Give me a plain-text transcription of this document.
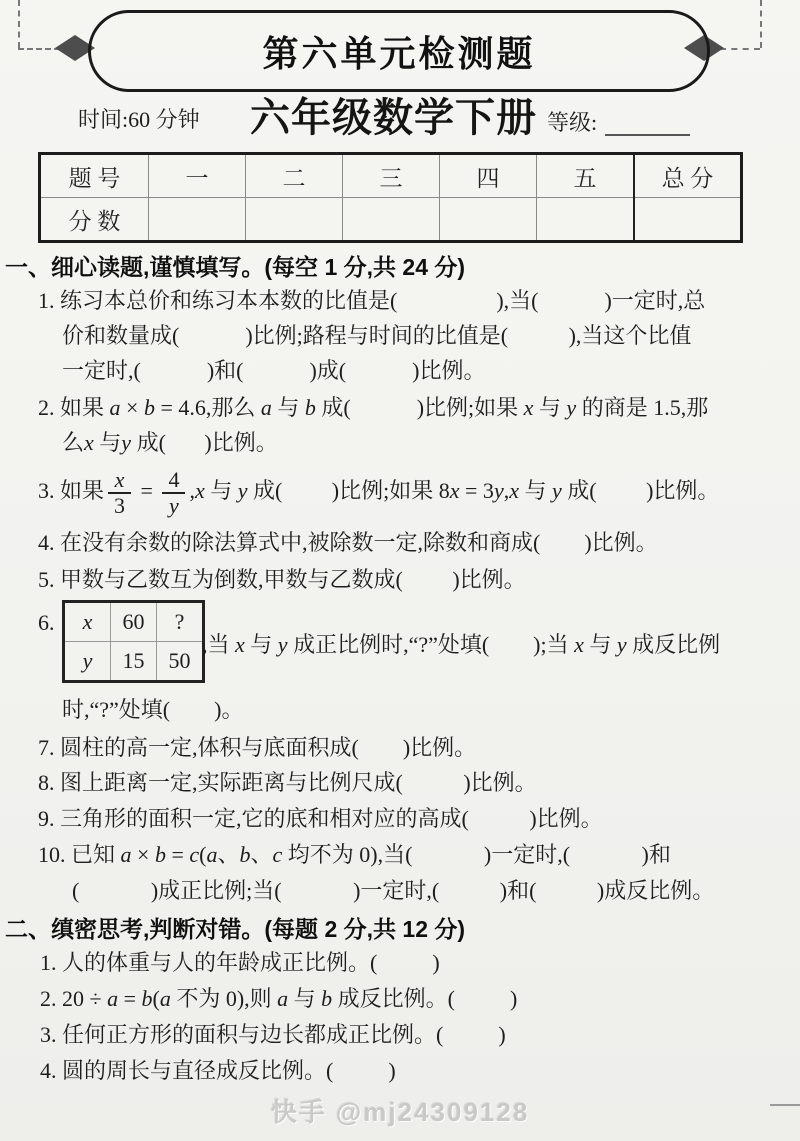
第六单元检测题
时间:60 分钟 六年级数学下册 等级:
题 号	一	二	三	四	五	总 分
分 数						
一、细心读题,谨慎填写。(每空 1 分,共 24 分)
1. 练习本总价和练习本本数的比值是(                  ),当(            )一定时,总
价和数量成(            )比例;路程与时间的比值是(           ),当这个比值
一定时,(            )和(            )成(            )比例。
2. 如果 a × b = 4.6,那么 a 与 b 成(            )比例;如果 x 与 y 的商是 1.5,那
么x 与y 成(       )比例。
3. 如果 $\frac{x}{3} = \frac{4}{y} ,x$ 与 y 成(         )比例;如果 8x = 3y,x 与 y 成(         )比例。
4. 在没有余数的除法算式中,被除数一定,除数和商成(        )比例。
5. 甲数与乙数互为倒数,甲数与乙数成(         )比例。
6. x	60	?
y	15	50
,当 x 与 y 成正比例时,“?”处填(        );当 x 与 y 成反比例
时,“?”处填(        )。
7. 圆柱的高一定,体积与底面积成(        )比例。
8. 图上距离一定,实际距离与比例尺成(           )比例。
9. 三角形的面积一定,它的底和相对应的高成(           )比例。
10. 已知 a × b = c(a、b、c 均不为 0),当(             )一定时,(             )和
(             )成正比例;当(             )一定时,(           )和(           )成反比例。
二、缜密思考,判断对错。(每题 2 分,共 12 分)
1. 人的体重与人的年龄成正比例。(          )
2. 20 ÷ a = b(a 不为 0),则 a 与 b 成反比例。(          )
3. 任何正方形的面积与边长都成正比例。(          )
4. 圆的周长与直径成反比例。(          )
快手 @mj24309128
